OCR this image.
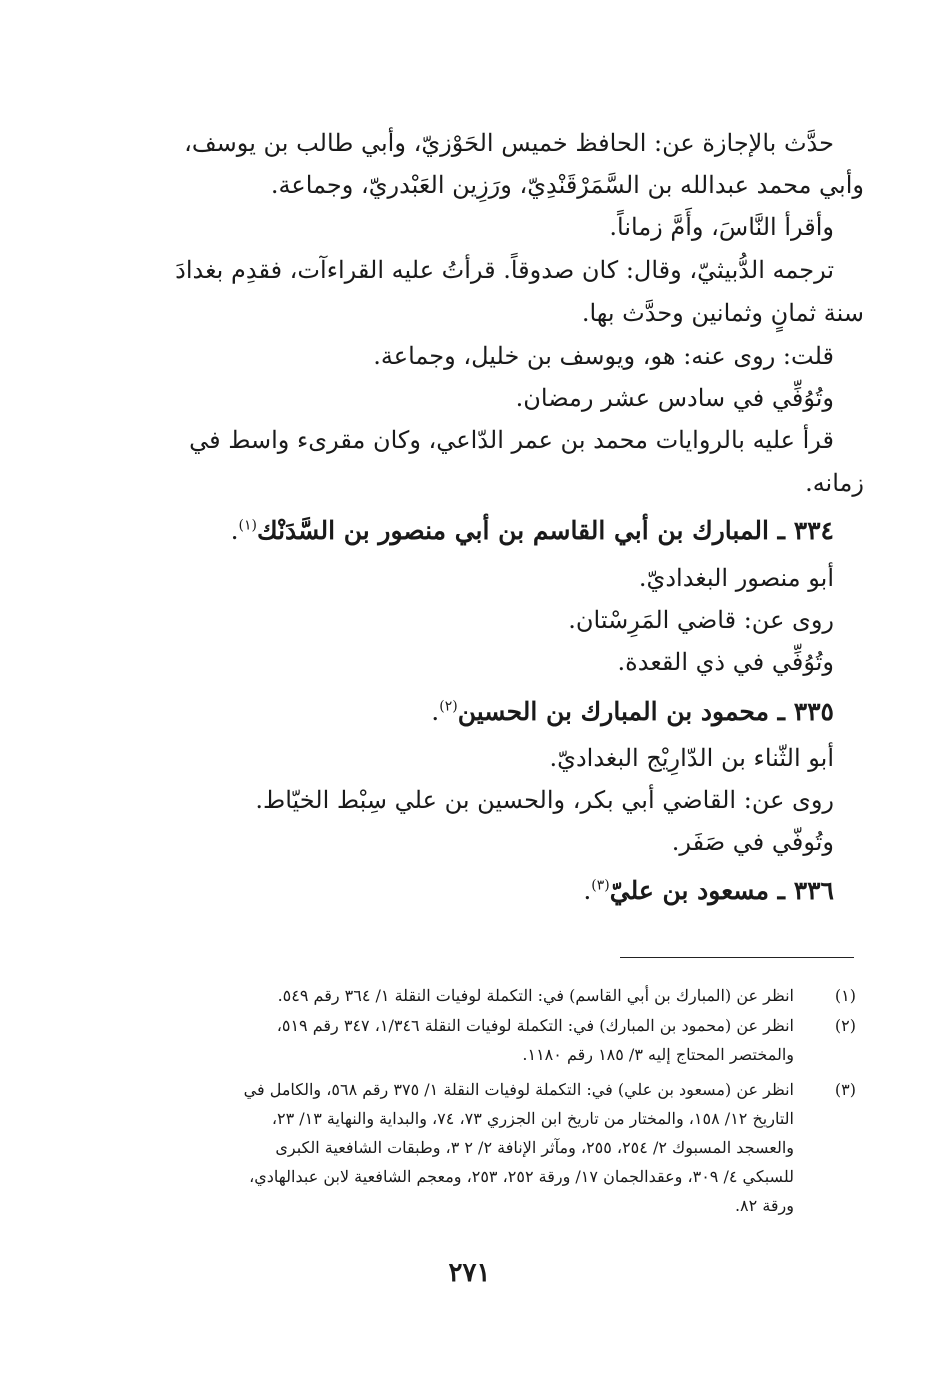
حدَّث بالإجازة عن: الحافظ خميس الحَوْزيّ، وأبي طالب بن يوسف،
وأبي محمد عبدالله بن السَّمَرْقَنْدِيّ، ورَزِين العَبْدريّ، وجماعة.
وأقرأ النَّاسَ، وأَمَّ زماناً.
ترجمه الدُّبيثيّ، وقال: كان صدوقاً. قرأتُ عليه القراءآت، فقدِم بغدادَ
سنة ثمانٍ وثمانين وحدَّث بها.
قلت: روى عنه: هو، ويوسف بن خليل، وجماعة.
وتُوُفِّي في سادس عشر رمضان.
قرأ عليه بالروايات محمد بن عمر الدّاعي، وكان مقرىء واسط في
زمانه.
٣٣٤ ـ المبارك بن أبي القاسم بن أبي منصور بن السَّدَنْك$^{(١)}$.
أبو منصور البغداديّ.
روى عن: قاضي المَرِسْتان.
وتُوُفِّي في ذي القعدة.
٣٣٥ ـ محمود بن المبارك بن الحسين$^{(٢)}$.
أبو الثّناء بن الدّارِيْج البغداديّ.
روى عن: القاضي أبي بكر، والحسين بن علي سِبْط الخيّاط.
وتُوفّي في صَفَر.
٣٣٦ ـ مسعود بن عليّ$^{(٣)}$.
(١)
انظر عن (المبارك بن أبي القاسم) في: التكملة لوفيات النقلة ١/ ٣٦٤ رقم ٥٤٩.
(٢)
انظر عن (محمود بن المبارك) في: التكملة لوفيات النقلة ١/٣٤٦، ٣٤٧ رقم ٥١٩،
والمختصر المحتاج إليه ٣/ ١٨٥ رقم ١١٨٠.
(٣)
انظر عن (مسعود بن علي) في: التكملة لوفيات النقلة ١/ ٣٧٥ رقم ٥٦٨، والكامل في
التاريخ ١٢/ ١٥٨، والمختار من تاريخ ابن الجزري ٧٣، ٧٤، والبداية والنهاية ١٣/ ٢٣،
والعسجد المسبوك ٢/ ٢٥٤، ٢٥٥، ومآثر الإنافة ٢/ ٢ ٣، وطبقات الشافعية الكبرى
للسبكي ٤/ ٣٠٩، وعقدالجمان ١٧/ ورقة ٢٥٢، ٢٥٣، ومعجم الشافعية لابن عبدالهادي،
ورقة ٨٢.
٢٧١
